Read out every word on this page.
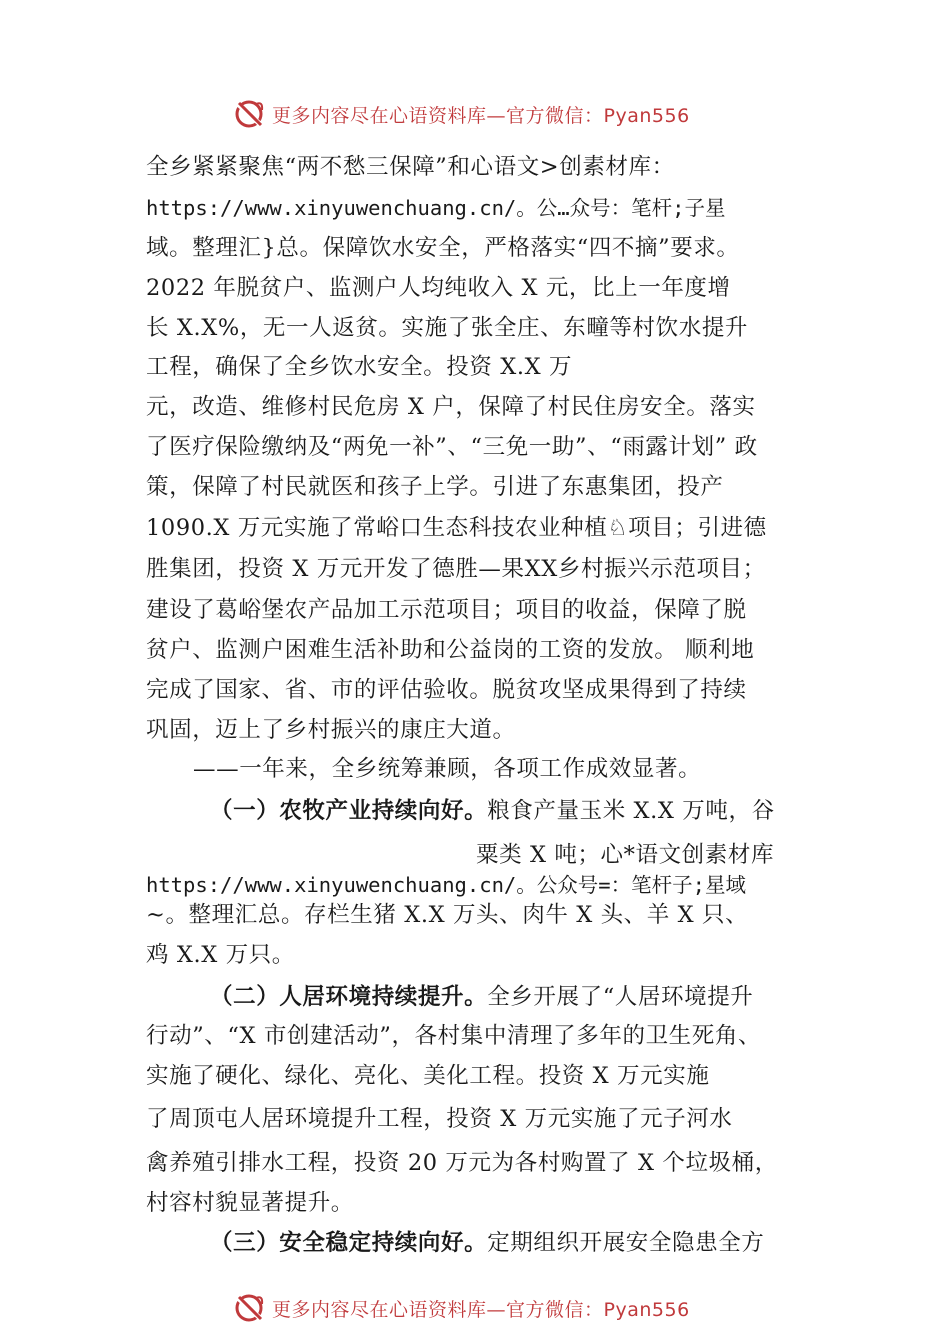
更多内容尽在心语资料库—官方微信：Pyan556
全乡紧紧聚焦“两不愁三保障”和心语文>创素材库：
https://www.xinyuwenchuang.cn/。公…众号：笔杆;子星
域。整理汇}总。保障饮水安全，严格落实“四不摘”要求。
2022 年脱贫户、监测户人均纯收入 X 元，比上一年度增
长 X.X%，无一人返贫。实施了张全庄、东疃等村饮水提升
工程，确保了全乡饮水安全。投资 X.X 万
元，改造、维修村民危房 X 户，保障了村民住房安全。落实
了医疗保险缴纳及“两免一补”、“三免一助”、“雨露计划” 政
策，保障了村民就医和孩子上学。引进了东惠集团，投产
1090.X 万元实施了常峪口生态科技农业种植♘项目；引进德
胜集团，投资 X 万元开发了德胜—果XX乡村振兴示范项目；
建设了葛峪堡农产品加工示范项目；项目的收益，保障了脱
贫户、监测户困难生活补助和公益岗的工资的发放。 顺利地
完成了国家、省、市的评估验收。脱贫攻坚成果得到了持续
巩固，迈上了乡村振兴的康庄大道。
——一年来，全乡统筹兼顾，各项工作成效显著。
（一）农牧产业持续向好。粮食产量玉米 X.X 万吨，谷
粟类 X 吨；心*语文创素材库
https://www.xinyuwenchuang.cn/。公众号=：笔杆子;星域
~。整理汇总。存栏生猪 X.X 万头、肉牛 X 头、羊 X 只、
鸡 X.X 万只。
（二）人居环境持续提升。全乡开展了“人居环境提升
行动”、“X 市创建活动”，各村集中清理了多年的卫生死角、
实施了硬化、绿化、亮化、美化工程。投资 X 万元实施
了周顶屯人居环境提升工程，投资 X 万元实施了元子河水
禽养殖引排水工程，投资 20 万元为各村购置了 X 个垃圾桶，
村容村貌显著提升。
（三）安全稳定持续向好。定期组织开展安全隐患全方
更多内容尽在心语资料库—官方微信：Pyan556
